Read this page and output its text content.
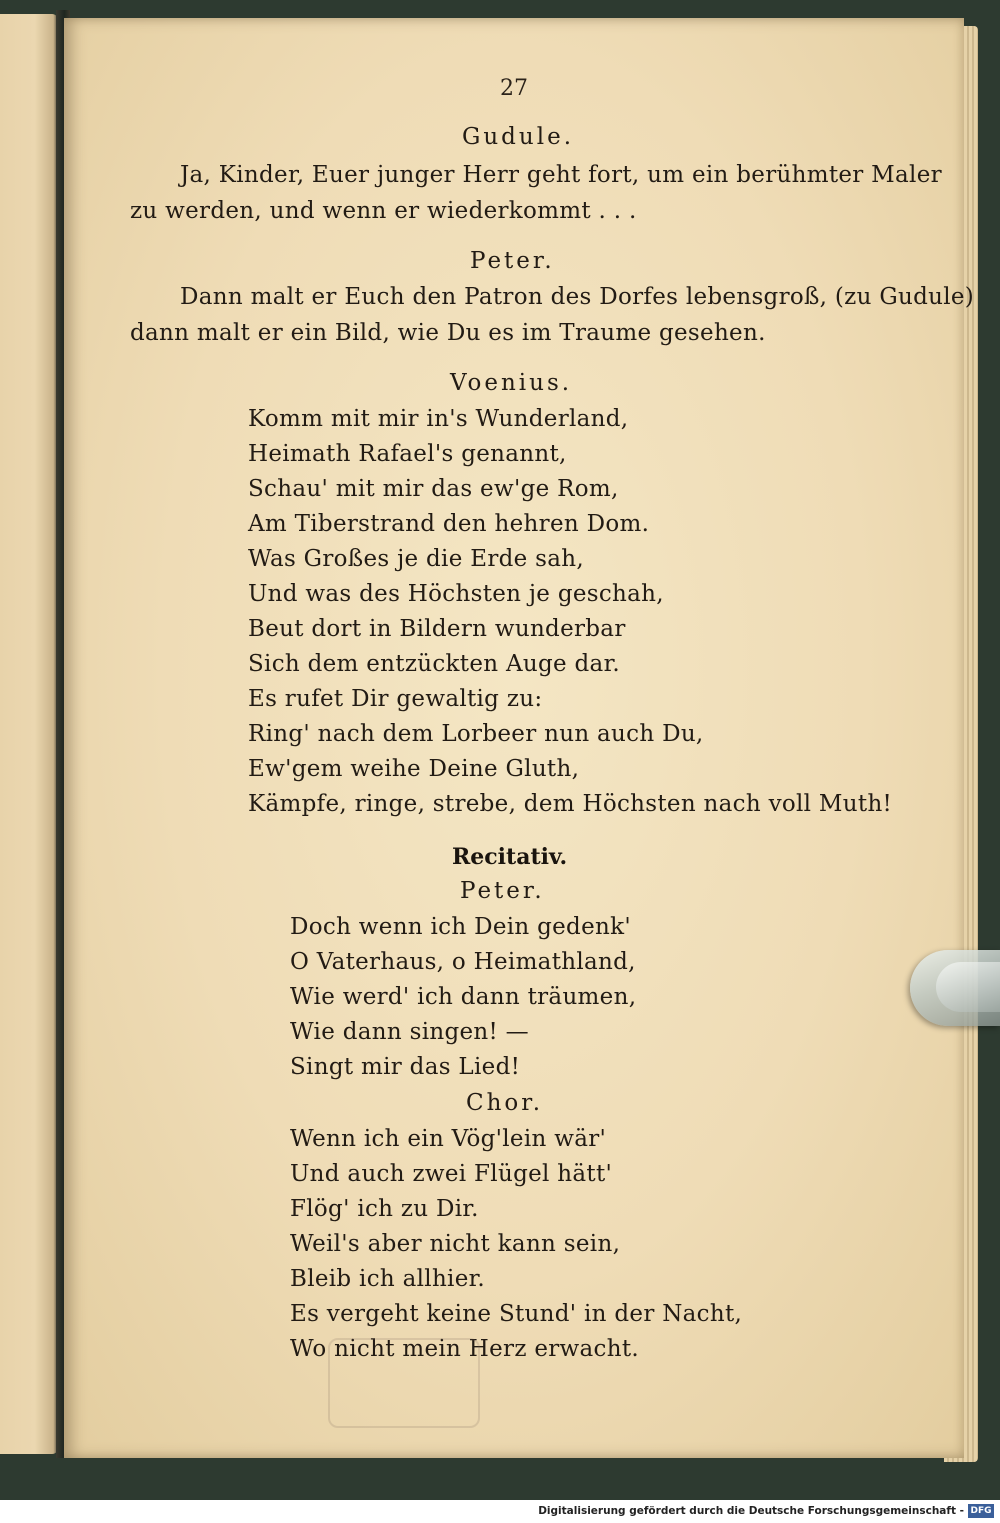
27
Gudule.
Ja, Kinder, Euer junger Herr geht fort, um ein berühmter Maler
zu werden, und wenn er wiederkommt . . .
Peter.
Dann malt er Euch den Patron des Dorfes lebensgroß, (zu Gudule)
dann malt er ein Bild, wie Du es im Traume gesehen.
Voenius.
Komm mit mir in's Wunderland,
Heimath Rafael's genannt,
Schau' mit mir das ew'ge Rom,
Am Tiberstrand den hehren Dom.
Was Großes je die Erde sah,
Und was des Höchsten je geschah,
Beut dort in Bildern wunderbar
Sich dem entzückten Auge dar.
Es rufet Dir gewaltig zu:
Ring' nach dem Lorbeer nun auch Du,
Ew'gem weihe Deine Gluth,
Kämpfe, ringe, strebe, dem Höchsten nach voll Muth!
Recitativ.
Peter.
Doch wenn ich Dein gedenk'
O Vaterhaus, o Heimathland,
Wie werd' ich dann träumen,
Wie dann singen! —
Singt mir das Lied!
Chor.
Wenn ich ein Vög'lein wär'
Und auch zwei Flügel hätt'
Flög' ich zu Dir.
Weil's aber nicht kann sein,
Bleib ich allhier.
Es vergeht keine Stund' in der Nacht,
Wo nicht mein Herz erwacht.
Digitalisierung gefördert durch die Deutsche Forschungsgemeinschaft - DFG
